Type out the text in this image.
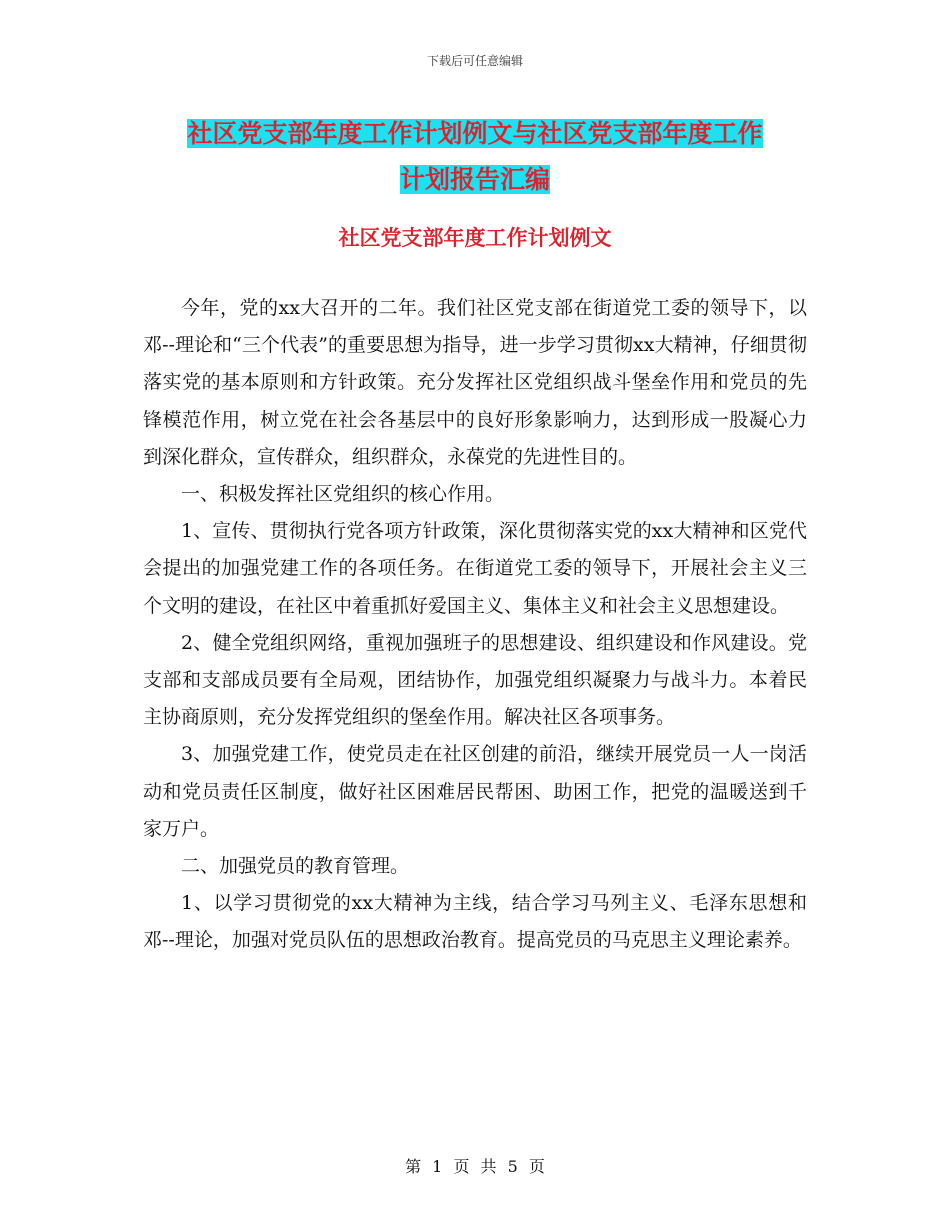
下载后可任意编辑
社区党支部年度工作计划例文与社区党支部年度工作
计划报告汇编
社区党支部年度工作计划例文

今年，党的xx大召开的二年。我们社区党支部在街道党工委的领导下，以邓--理论和“三个代表”的重要思想为指导，进一步学习贯彻xx大精神，仔细贯彻落实党的基本原则和方针政策。充分发挥社区党组织战斗堡垒作用和党员的先锋模范作用，树立党在社会各基层中的良好形象影响力，达到形成一股凝心力到深化群众，宣传群众，组织群众，永葆党的先进性目的。

一、积极发挥社区党组织的核心作用。

1、宣传、贯彻执行党各项方针政策，深化贯彻落实党的xx大精神和区党代会提出的加强党建工作的各项任务。在街道党工委的领导下，开展社会主义三个文明的建设，在社区中着重抓好爱国主义、集体主义和社会主义思想建设。

2、健全党组织网络，重视加强班子的思想建设、组织建设和作风建设。党支部和支部成员要有全局观，团结协作，加强党组织凝聚力与战斗力。本着民主协商原则，充分发挥党组织的堡垒作用。解决社区各项事务。

3、加强党建工作，使党员走在社区创建的前沿，继续开展党员一人一岗活动和党员责任区制度，做好社区困难居民帮困、助困工作，把党的温暖送到千家万户。

二、加强党员的教育管理。

1、以学习贯彻党的xx大精神为主线，结合学习马列主义、毛泽东思想和邓--理论，加强对党员队伍的思想政治教育。提高党员的马克思主义理论素养。

第 1 页 共 5 页
